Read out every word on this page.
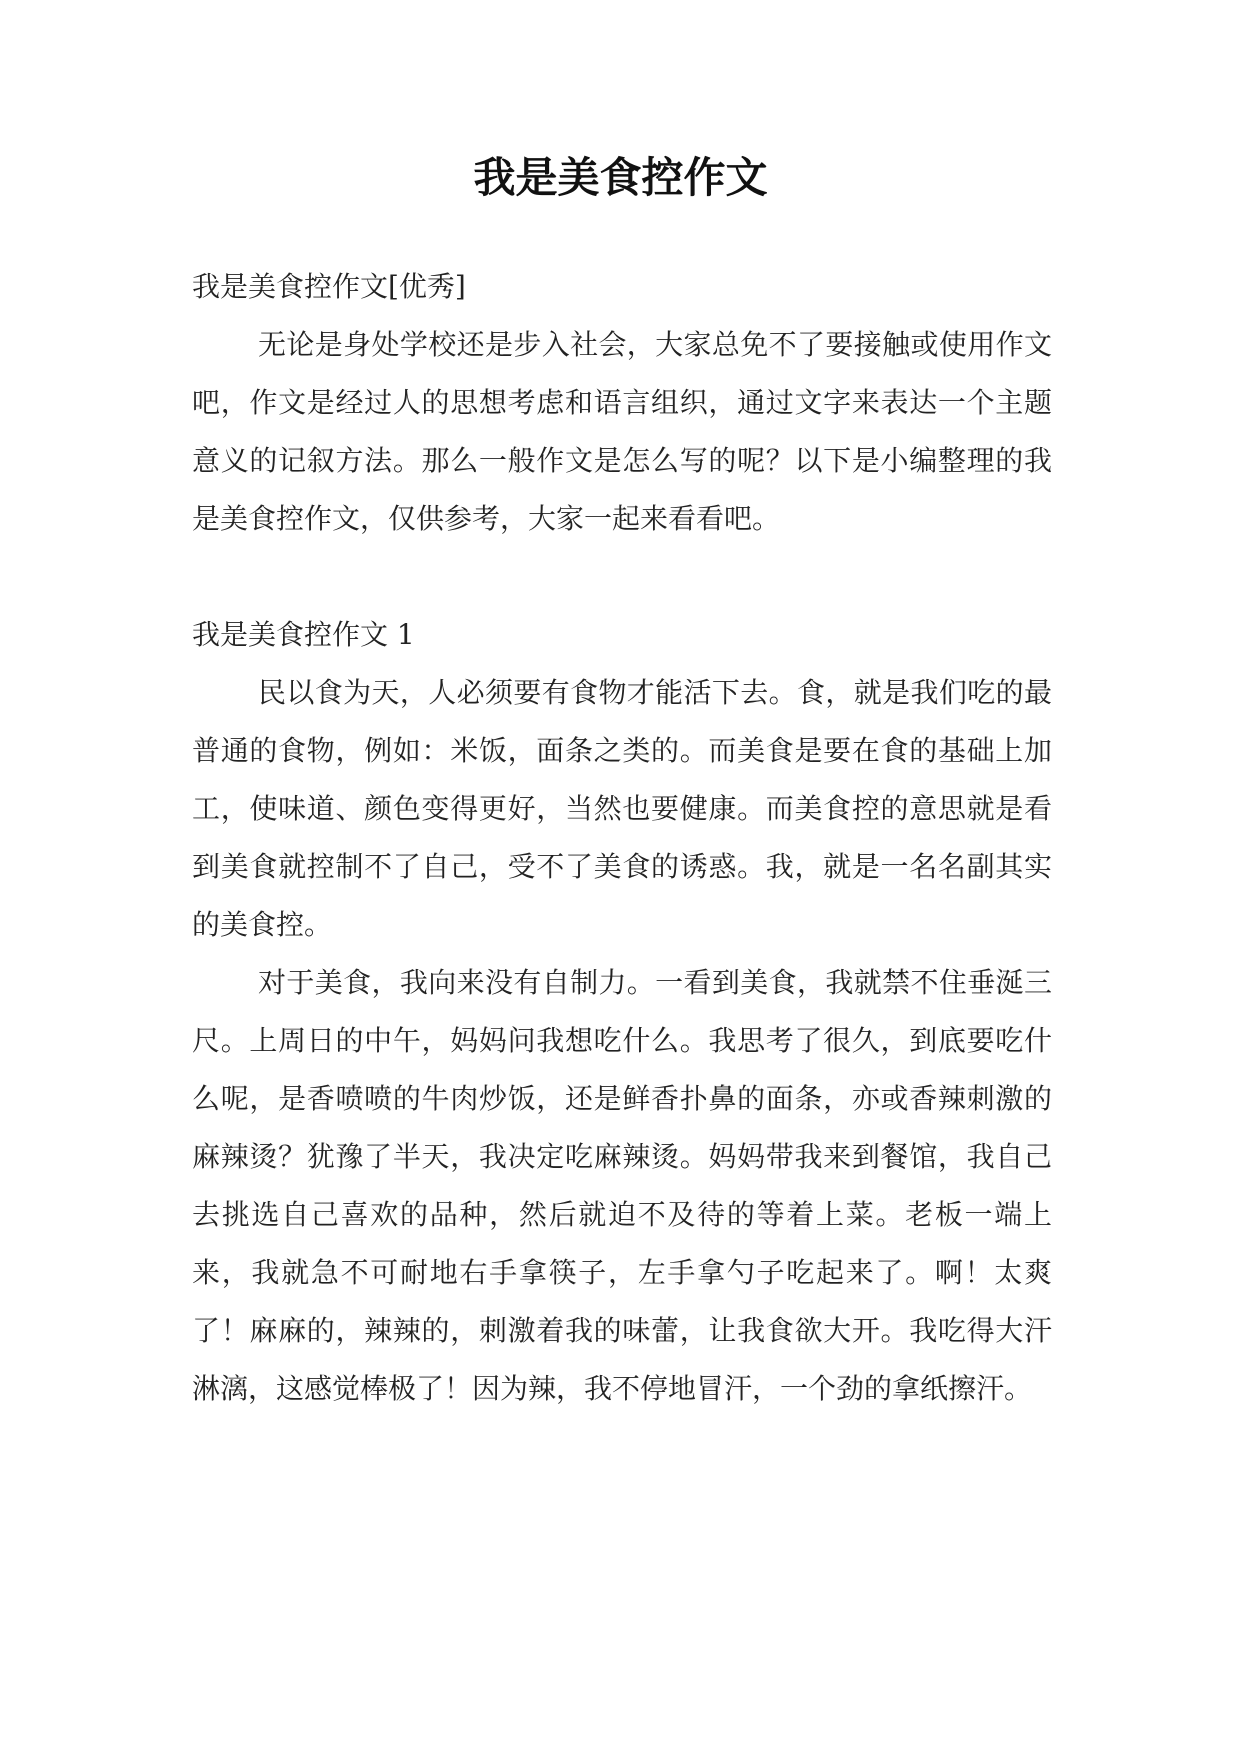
我是美食控作文

我是美食控作文[优秀]

无论是身处学校还是步入社会，大家总免不了要接触或使用作文吧，作文是经过人的思想考虑和语言组织，通过文字来表达一个主题意义的记叙方法。那么一般作文是怎么写的呢？以下是小编整理的我是美食控作文，仅供参考，大家一起来看看吧。

我是美食控作文 1

民以食为天，人必须要有食物才能活下去。食，就是我们吃的最普通的食物，例如：米饭，面条之类的。而美食是要在食的基础上加工，使味道、颜色变得更好，当然也要健康。而美食控的意思就是看到美食就控制不了自己，受不了美食的诱惑。我，就是一名名副其实的美食控。

对于美食，我向来没有自制力。一看到美食，我就禁不住垂涎三尺。上周日的中午，妈妈问我想吃什么。我思考了很久，到底要吃什么呢，是香喷喷的牛肉炒饭，还是鲜香扑鼻的面条，亦或香辣刺激的麻辣烫？犹豫了半天，我决定吃麻辣烫。妈妈带我来到餐馆，我自己去挑选自己喜欢的品种，然后就迫不及待的等着上菜。老板一端上来，我就急不可耐地右手拿筷子，左手拿勺子吃起来了。啊！太爽了！麻麻的，辣辣的，刺激着我的味蕾，让我食欲大开。我吃得大汗淋漓，这感觉棒极了！因为辣，我不停地冒汗，一个劲的拿纸擦汗。
